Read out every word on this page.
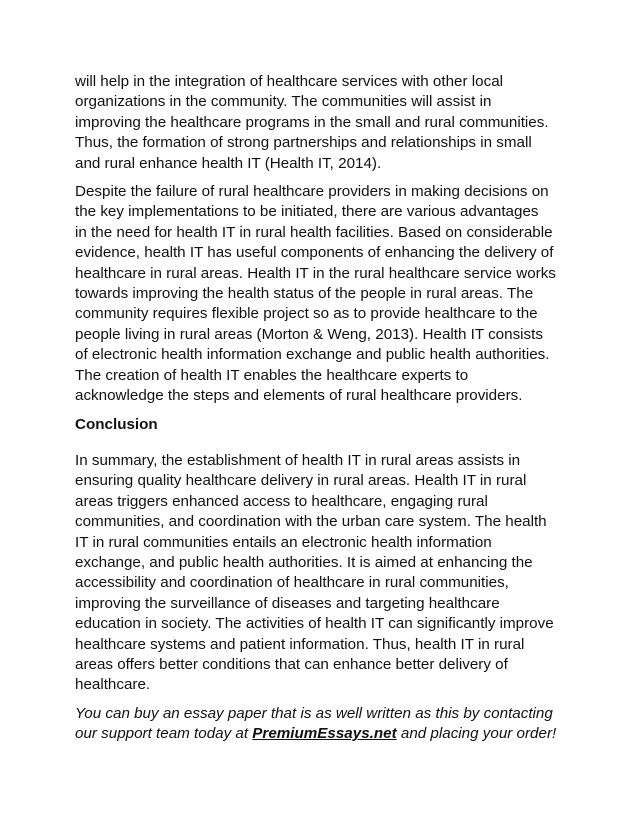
will help in the integration of healthcare services with other local
organizations in the community. The communities will assist in
improving the healthcare programs in the small and rural communities.
Thus, the formation of strong partnerships and relationships in small
and rural enhance health IT (Health IT, 2014).

Despite the failure of rural healthcare providers in making decisions on
the key implementations to be initiated, there are various advantages
in the need for health IT in rural health facilities. Based on considerable
evidence, health IT has useful components of enhancing the delivery of
healthcare in rural areas. Health IT in the rural healthcare service works
towards improving the health status of the people in rural areas. The
community requires flexible project so as to provide healthcare to the
people living in rural areas (Morton & Weng, 2013). Health IT consists
of electronic health information exchange and public health authorities.
The creation of health IT enables the healthcare experts to
acknowledge the steps and elements of rural healthcare providers.

Conclusion

In summary, the establishment of health IT in rural areas assists in
ensuring quality healthcare delivery in rural areas. Health IT in rural
areas triggers enhanced access to healthcare, engaging rural
communities, and coordination with the urban care system. The health
IT in rural communities entails an electronic health information
exchange, and public health authorities. It is aimed at enhancing the
accessibility and coordination of healthcare in rural communities,
improving the surveillance of diseases and targeting healthcare
education in society. The activities of health IT can significantly improve
healthcare systems and patient information. Thus, health IT in rural
areas offers better conditions that can enhance better delivery of
healthcare.

You can buy an essay paper that is as well written as this by contacting
our support team today at PremiumEssays.net and placing your order!
